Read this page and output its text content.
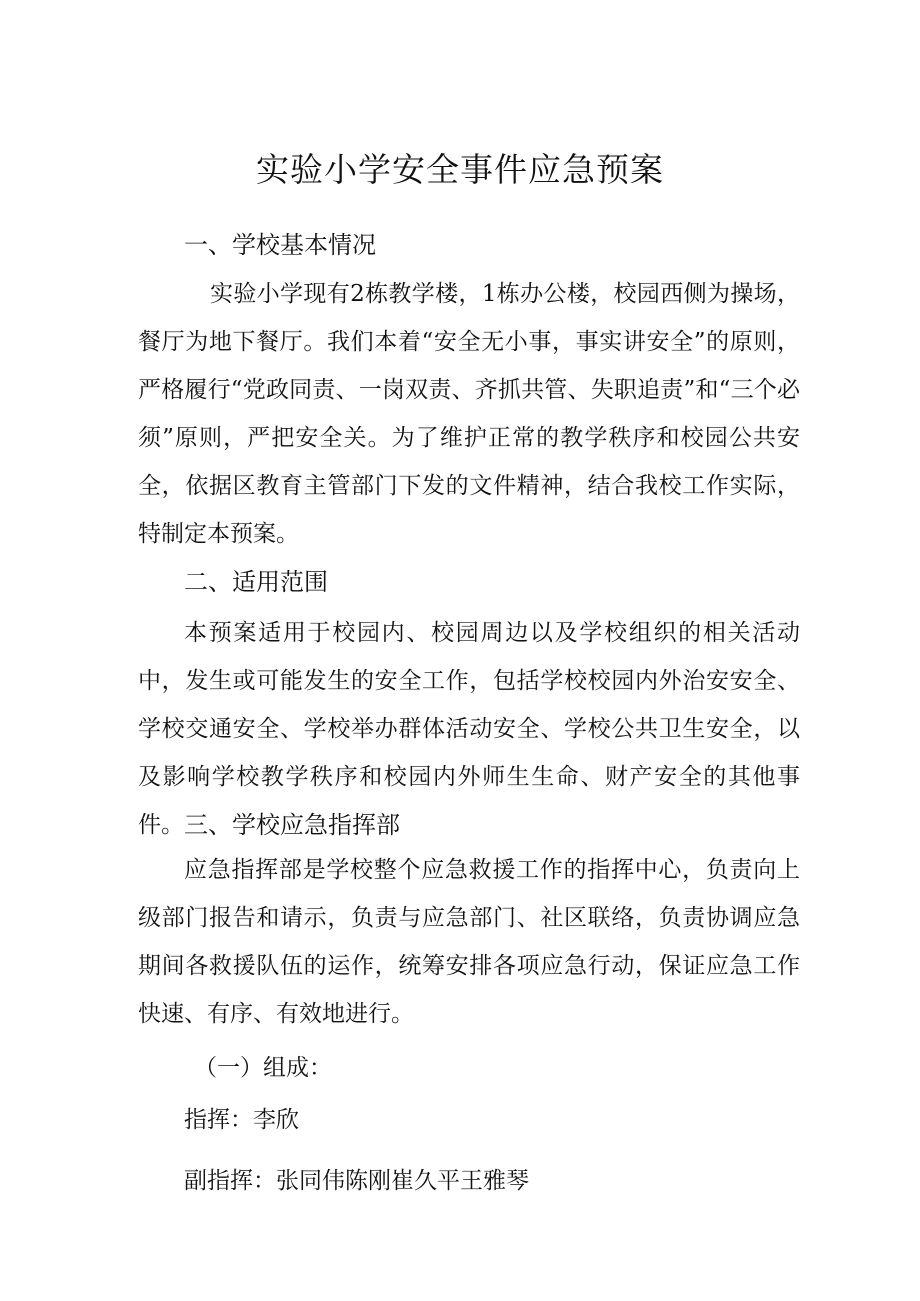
实验小学安全事件应急预案
一、学校基本情况

实验小学现有2栋教学楼，1栋办公楼，校园西侧为操场，餐厅为地下餐厅。我们本着“安全无小事，事实讲安全”的原则，严格履行“党政同责、一岗双责、齐抓共管、失职追责”和“三个必须”原则，严把安全关。为了维护正常的教学秩序和校园公共安全，依据区教育主管部门下发的文件精神，结合我校工作实际，特制定本预案。

二、适用范围

本预案适用于校园内、校园周边以及学校组织的相关活动中，发生或可能发生的安全工作，包括学校校园内外治安安全、学校交通安全、学校举办群体活动安全、学校公共卫生安全，以及影响学校教学秩序和校园内外师生生命、财产安全的其他事件。 三、学校应急指挥部

应急指挥部是学校整个应急救援工作的指挥中心，负责向上级部门报告和请示，负责与应急部门、社区联络，负责协调应急期间各救援队伍的运作，统筹安排各项应急行动，保证应急工作快速、有序、有效地进行。

（一）组成：
指挥：李欣
副指挥：张同伟陈刚崔久平王雅琴
